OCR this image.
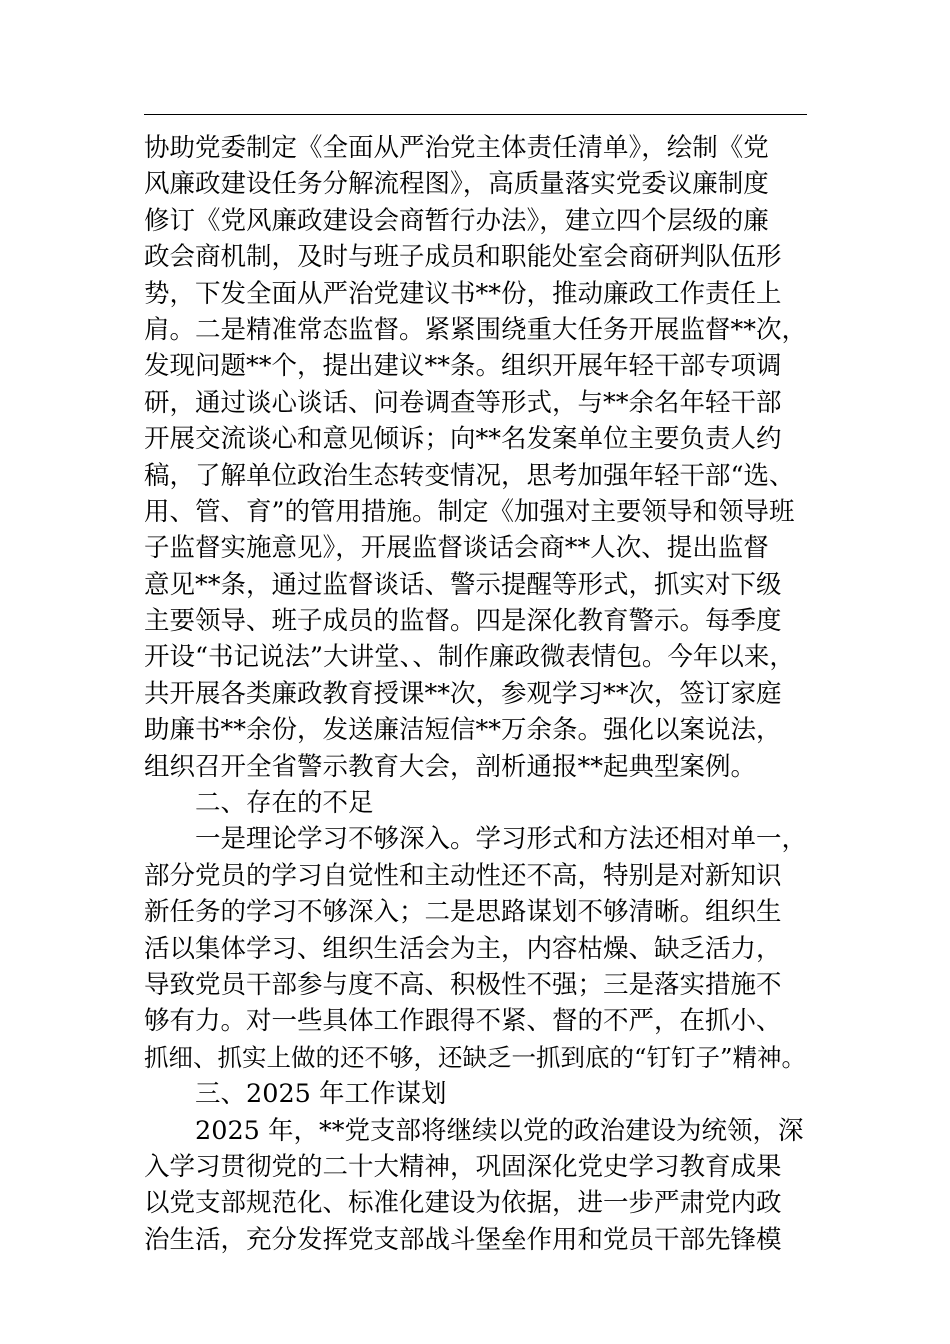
协助党委制定《全面从严治党主体责任清单》，绘制《党
风廉政建设任务分解流程图》，高质量落实党委议廉制度
修订《党风廉政建设会商暂行办法》，建立四个层级的廉
政会商机制，及时与班子成员和职能处室会商研判队伍形
势，下发全面从严治党建议书**份，推动廉政工作责任上
肩。二是精准常态监督。紧紧围绕重大任务开展监督**次，
发现问题**个，提出建议**条。组织开展年轻干部专项调
研，通过谈心谈话、问卷调查等形式，与**余名年轻干部
开展交流谈心和意见倾诉；向**名发案单位主要负责人约
稿，了解单位政治生态转变情况，思考加强年轻干部“选、
用、管、育”的管用措施。制定《加强对主要领导和领导班
子监督实施意见》，开展监督谈话会商**人次、提出监督
意见**条，通过监督谈话、警示提醒等形式，抓实对下级
主要领导、班子成员的监督。四是深化教育警示。每季度
开设“书记说法”大讲堂、、制作廉政微表情包。今年以来，
共开展各类廉政教育授课**次，参观学习**次，签订家庭
助廉书**余份，发送廉洁短信**万余条。强化以案说法，
组织召开全省警示教育大会，剖析通报**起典型案例。
二、存在的不足
一是理论学习不够深入。学习形式和方法还相对单一，
部分党员的学习自觉性和主动性还不高，特别是对新知识
新任务的学习不够深入；二是思路谋划不够清晰。组织生
活以集体学习、组织生活会为主，内容枯燥、缺乏活力，
导致党员干部参与度不高、积极性不强；三是落实措施不
够有力。对一些具体工作跟得不紧、督的不严，在抓小、
抓细、抓实上做的还不够，还缺乏一抓到底的“钉钉子”精神。
三、2025 年工作谋划
2025 年，**党支部将继续以党的政治建设为统领，深
入学习贯彻党的二十大精神，巩固深化党史学习教育成果
以党支部规范化、标准化建设为依据，进一步严肃党内政
治生活，充分发挥党支部战斗堡垒作用和党员干部先锋模
